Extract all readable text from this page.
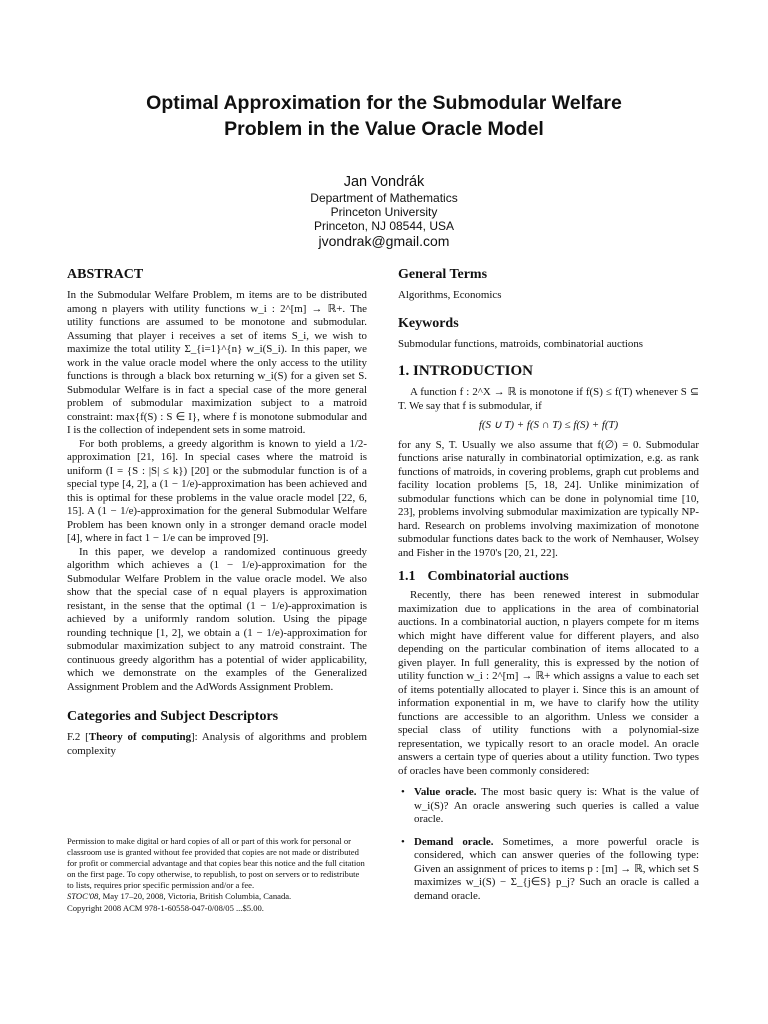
Optimal Approximation for the Submodular Welfare
Problem in the Value Oracle Model
Jan Vondrák
Department of Mathematics
Princeton University
Princeton, NJ 08544, USA
jvondrak@gmail.com
ABSTRACT

In the Submodular Welfare Problem, m items are to be distributed among n players with utility functions w_i : 2^[m] → ℝ+. The utility functions are assumed to be monotone and submodular. Assuming that player i receives a set of items S_i, we wish to maximize the total utility Σ_{i=1}^{n} w_i(S_i). In this paper, we work in the value oracle model where the only access to the utility functions is through a black box returning w_i(S) for a given set S. Submodular Welfare is in fact a special case of the more general problem of submodular maximization subject to a matroid constraint: max{f(S) : S ∈ I}, where f is monotone submodular and I is the collection of independent sets in some matroid.

For both problems, a greedy algorithm is known to yield a 1/2-approximation [21, 16]. In special cases where the matroid is uniform (I = {S : |S| ≤ k}) [20] or the submodular function is of a special type [4, 2], a (1 − 1/e)-approximation has been achieved and this is optimal for these problems in the value oracle model [22, 6, 15]. A (1 − 1/e)-approximation for the general Submodular Welfare Problem has been known only in a stronger demand oracle model [4], where in fact 1 − 1/e can be improved [9].

In this paper, we develop a randomized continuous greedy algorithm which achieves a (1 − 1/e)-approximation for the Submodular Welfare Problem in the value oracle model. We also show that the special case of n equal players is approximation resistant, in the sense that the optimal (1 − 1/e)-approximation is achieved by a uniformly random solution. Using the pipage rounding technique [1, 2], we obtain a (1 − 1/e)-approximation for submodular maximization subject to any matroid constraint. The continuous greedy algorithm has a potential of wider applicability, which we demonstrate on the examples of the Generalized Assignment Problem and the AdWords Assignment Problem.

Categories and Subject Descriptors

F.2 [Theory of computing]: Analysis of algorithms and problem complexity

Permission to make digital or hard copies of all or part of this work for personal or classroom use is granted without fee provided that copies are not made or distributed for profit or commercial advantage and that copies bear this notice and the full citation on the first page. To copy otherwise, to republish, to post on servers or to redistribute to lists, requires prior specific permission and/or a fee.
STOC'08, May 17–20, 2008, Victoria, British Columbia, Canada.
Copyright 2008 ACM 978-1-60558-047-0/08/05 ...$5.00.
General Terms

Algorithms, Economics

Keywords

Submodular functions, matroids, combinatorial auctions

1. INTRODUCTION

A function f : 2^X → ℝ is monotone if f(S) ≤ f(T) whenever S ⊆ T. We say that f is submodular, if

f(S ∪ T) + f(S ∩ T) ≤ f(S) + f(T)

for any S, T. Usually we also assume that f(∅) = 0. Submodular functions arise naturally in combinatorial optimization, e.g. as rank functions of matroids, in covering problems, graph cut problems and facility location problems [5, 18, 24]. Unlike minimization of submodular functions which can be done in polynomial time [10, 23], problems involving submodular maximization are typically NP-hard. Research on problems involving maximization of monotone submodular functions dates back to the work of Nemhauser, Wolsey and Fisher in the 1970's [20, 21, 22].

1.1 Combinatorial auctions

Recently, there has been renewed interest in submodular maximization due to applications in the area of combinatorial auctions. In a combinatorial auction, n players compete for m items which might have different value for different players, and also depending on the particular combination of items allocated to a given player. In full generality, this is expressed by the notion of utility function w_i : 2^[m] → ℝ+ which assigns a value to each set of items potentially allocated to player i. Since this is an amount of information exponential in m, we have to clarify how the utility functions are accessible to an algorithm. Unless we consider a special class of utility functions with a polynomial-size representation, we typically resort to an oracle model. An oracle answers a certain type of queries about a utility function. Two types of oracles have been commonly considered:

• Value oracle. The most basic query is: What is the value of w_i(S)? An oracle answering such queries is called a value oracle.
• Demand oracle. Sometimes, a more powerful oracle is considered, which can answer queries of the following type: Given an assignment of prices to items p : [m] → ℝ, which set S maximizes w_i(S) − Σ_{j∈S} p_j? Such an oracle is called a demand oracle.
